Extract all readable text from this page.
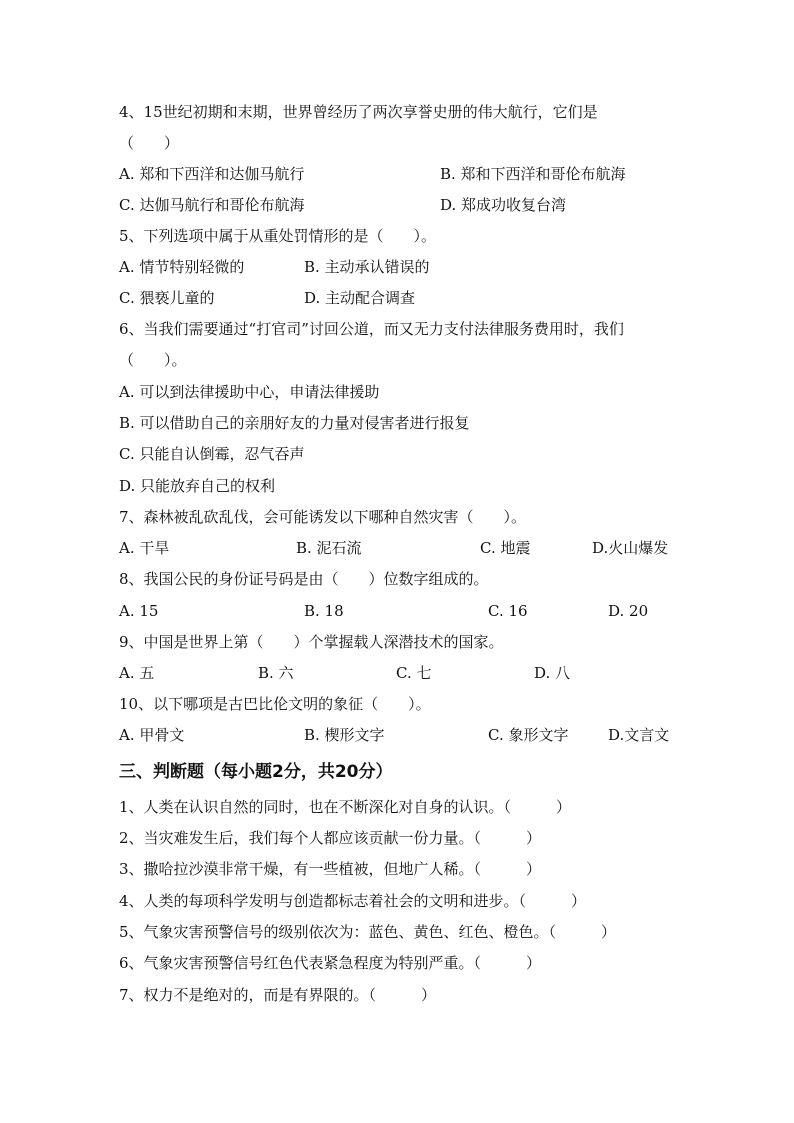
4、15世纪初期和末期，世界曾经历了两次享誉史册的伟大航行，它们是
（　　）
A. 郑和下西洋和达伽马航行	B. 郑和下西洋和哥伦布航海
C. 达伽马航行和哥伦布航海	D. 郑成功收复台湾
5、下列选项中属于从重处罚情形的是（　　）。
A. 情节特别轻微的	B. 主动承认错误的
C. 猥亵儿童的	D. 主动配合调查
6、当我们需要通过“打官司”讨回公道，而又无力支付法律服务费用时，我们
（　　）。
A. 可以到法律援助中心，申请法律援助
B. 可以借助自己的亲朋好友的力量对侵害者进行报复
C. 只能自认倒霉，忍气吞声
D. 只能放弃自己的权利
7、森林被乱砍乱伐，会可能诱发以下哪种自然灾害（　　）。
A. 干旱	B. 泥石流	C. 地震	D.火山爆发
8、我国公民的身份证号码是由（　　）位数字组成的。
A. 15	B. 18	C. 16	D. 20
9、中国是世界上第（　　）个掌握载人深潜技术的国家。
A. 五	B. 六	C. 七	D. 八
10、以下哪项是古巴比伦文明的象征（　　）。
A. 甲骨文	B. 楔形文字	C. 象形文字	D.文言文
三、判断题（每小题2分，共20分）
1、人类在认识自然的同时，也在不断深化对自身的认识。（　　　）
2、当灾难发生后，我们每个人都应该贡献一份力量。（　　　）
3、撒哈拉沙漠非常干燥，有一些植被，但地广人稀。（　　　）
4、人类的每项科学发明与创造都标志着社会的文明和进步。（　　　）
5、气象灾害预警信号的级别依次为：蓝色、黄色、红色、橙色。（　　　）
6、气象灾害预警信号红色代表紧急程度为特别严重。（　　　）
7、权力不是绝对的，而是有界限的。（　　　）
